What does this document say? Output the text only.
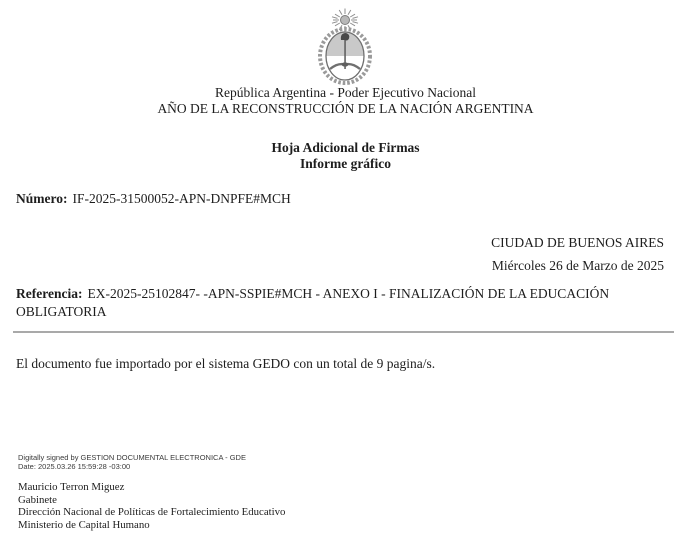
República Argentina - Poder Ejecutivo Nacional
AÑO DE LA RECONSTRUCCIÓN DE LA NACIÓN ARGENTINA
Hoja Adicional de Firmas
Informe gráfico
Número: IF-2025-31500052-APN-DNPFE#MCH
CIUDAD DE BUENOS AIRES
Miércoles 26 de Marzo de 2025
Referencia: EX-2025-25102847- -APN-SSPIE#MCH - ANEXO I - FINALIZACIÓN DE LA EDUCACIÓN OBLIGATORIA
El documento fue importado por el sistema GEDO con un total de 9 pagina/s.
Digitally signed by GESTION DOCUMENTAL ELECTRONICA - GDE
Date: 2025.03.26 15:59:28 -03:00
Mauricio Terron Miguez
Gabinete
Dirección Nacional de Políticas de Fortalecimiento Educativo
Ministerio de Capital Humano
